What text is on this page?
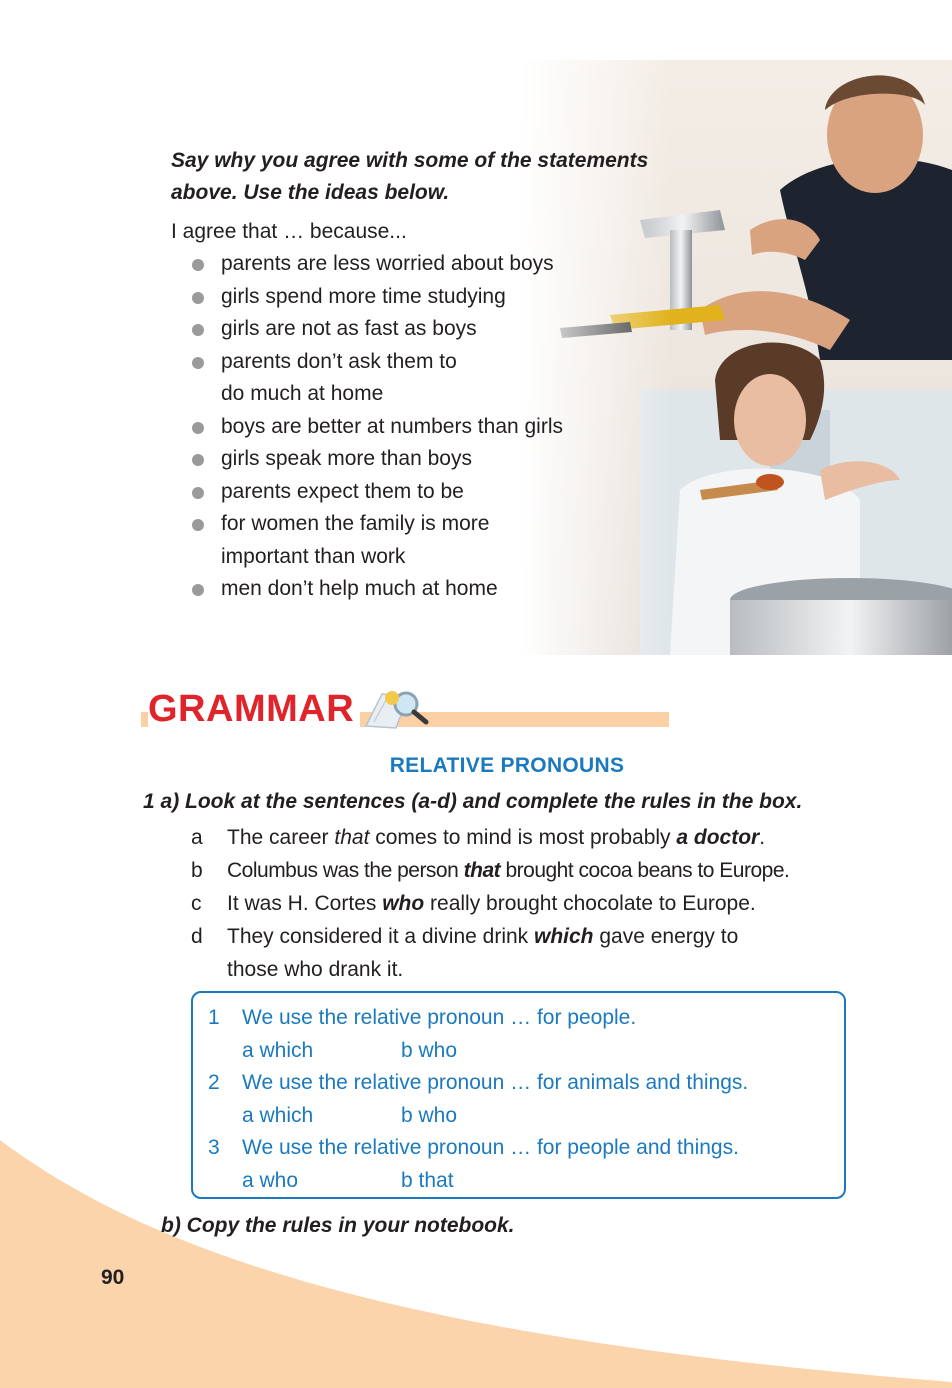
Say why you agree with some of the statements
above. Use the ideas below.
I agree that … because...
parents are less worried about boys
girls spend more time studying
girls are not as fast as boys
parents don’t ask them to
do much at home
boys are better at numbers than girls
girls speak more than boys
parents expect them to be
for women the family is more
important than work
men don’t help much at home
GRAMMAR
RELATIVE PRONOUNS
1 a) Look at the sentences (a-d) and complete the rules in the box.
a	The career that comes to mind is most probably a doctor.
b	Columbus was the person that brought cocoa beans to Europe.
c	It was H. Cortes who really brought chocolate to Europe.
d	They considered it a divine drink which gave energy to
those who drank it.
1	We use the relative pronoun … for people.
a which	b who
2	We use the relative pronoun … for animals and things.
a which	b who
3	We use the relative pronoun … for people and things.
a who	b that
b) Copy the rules in your notebook.
90
